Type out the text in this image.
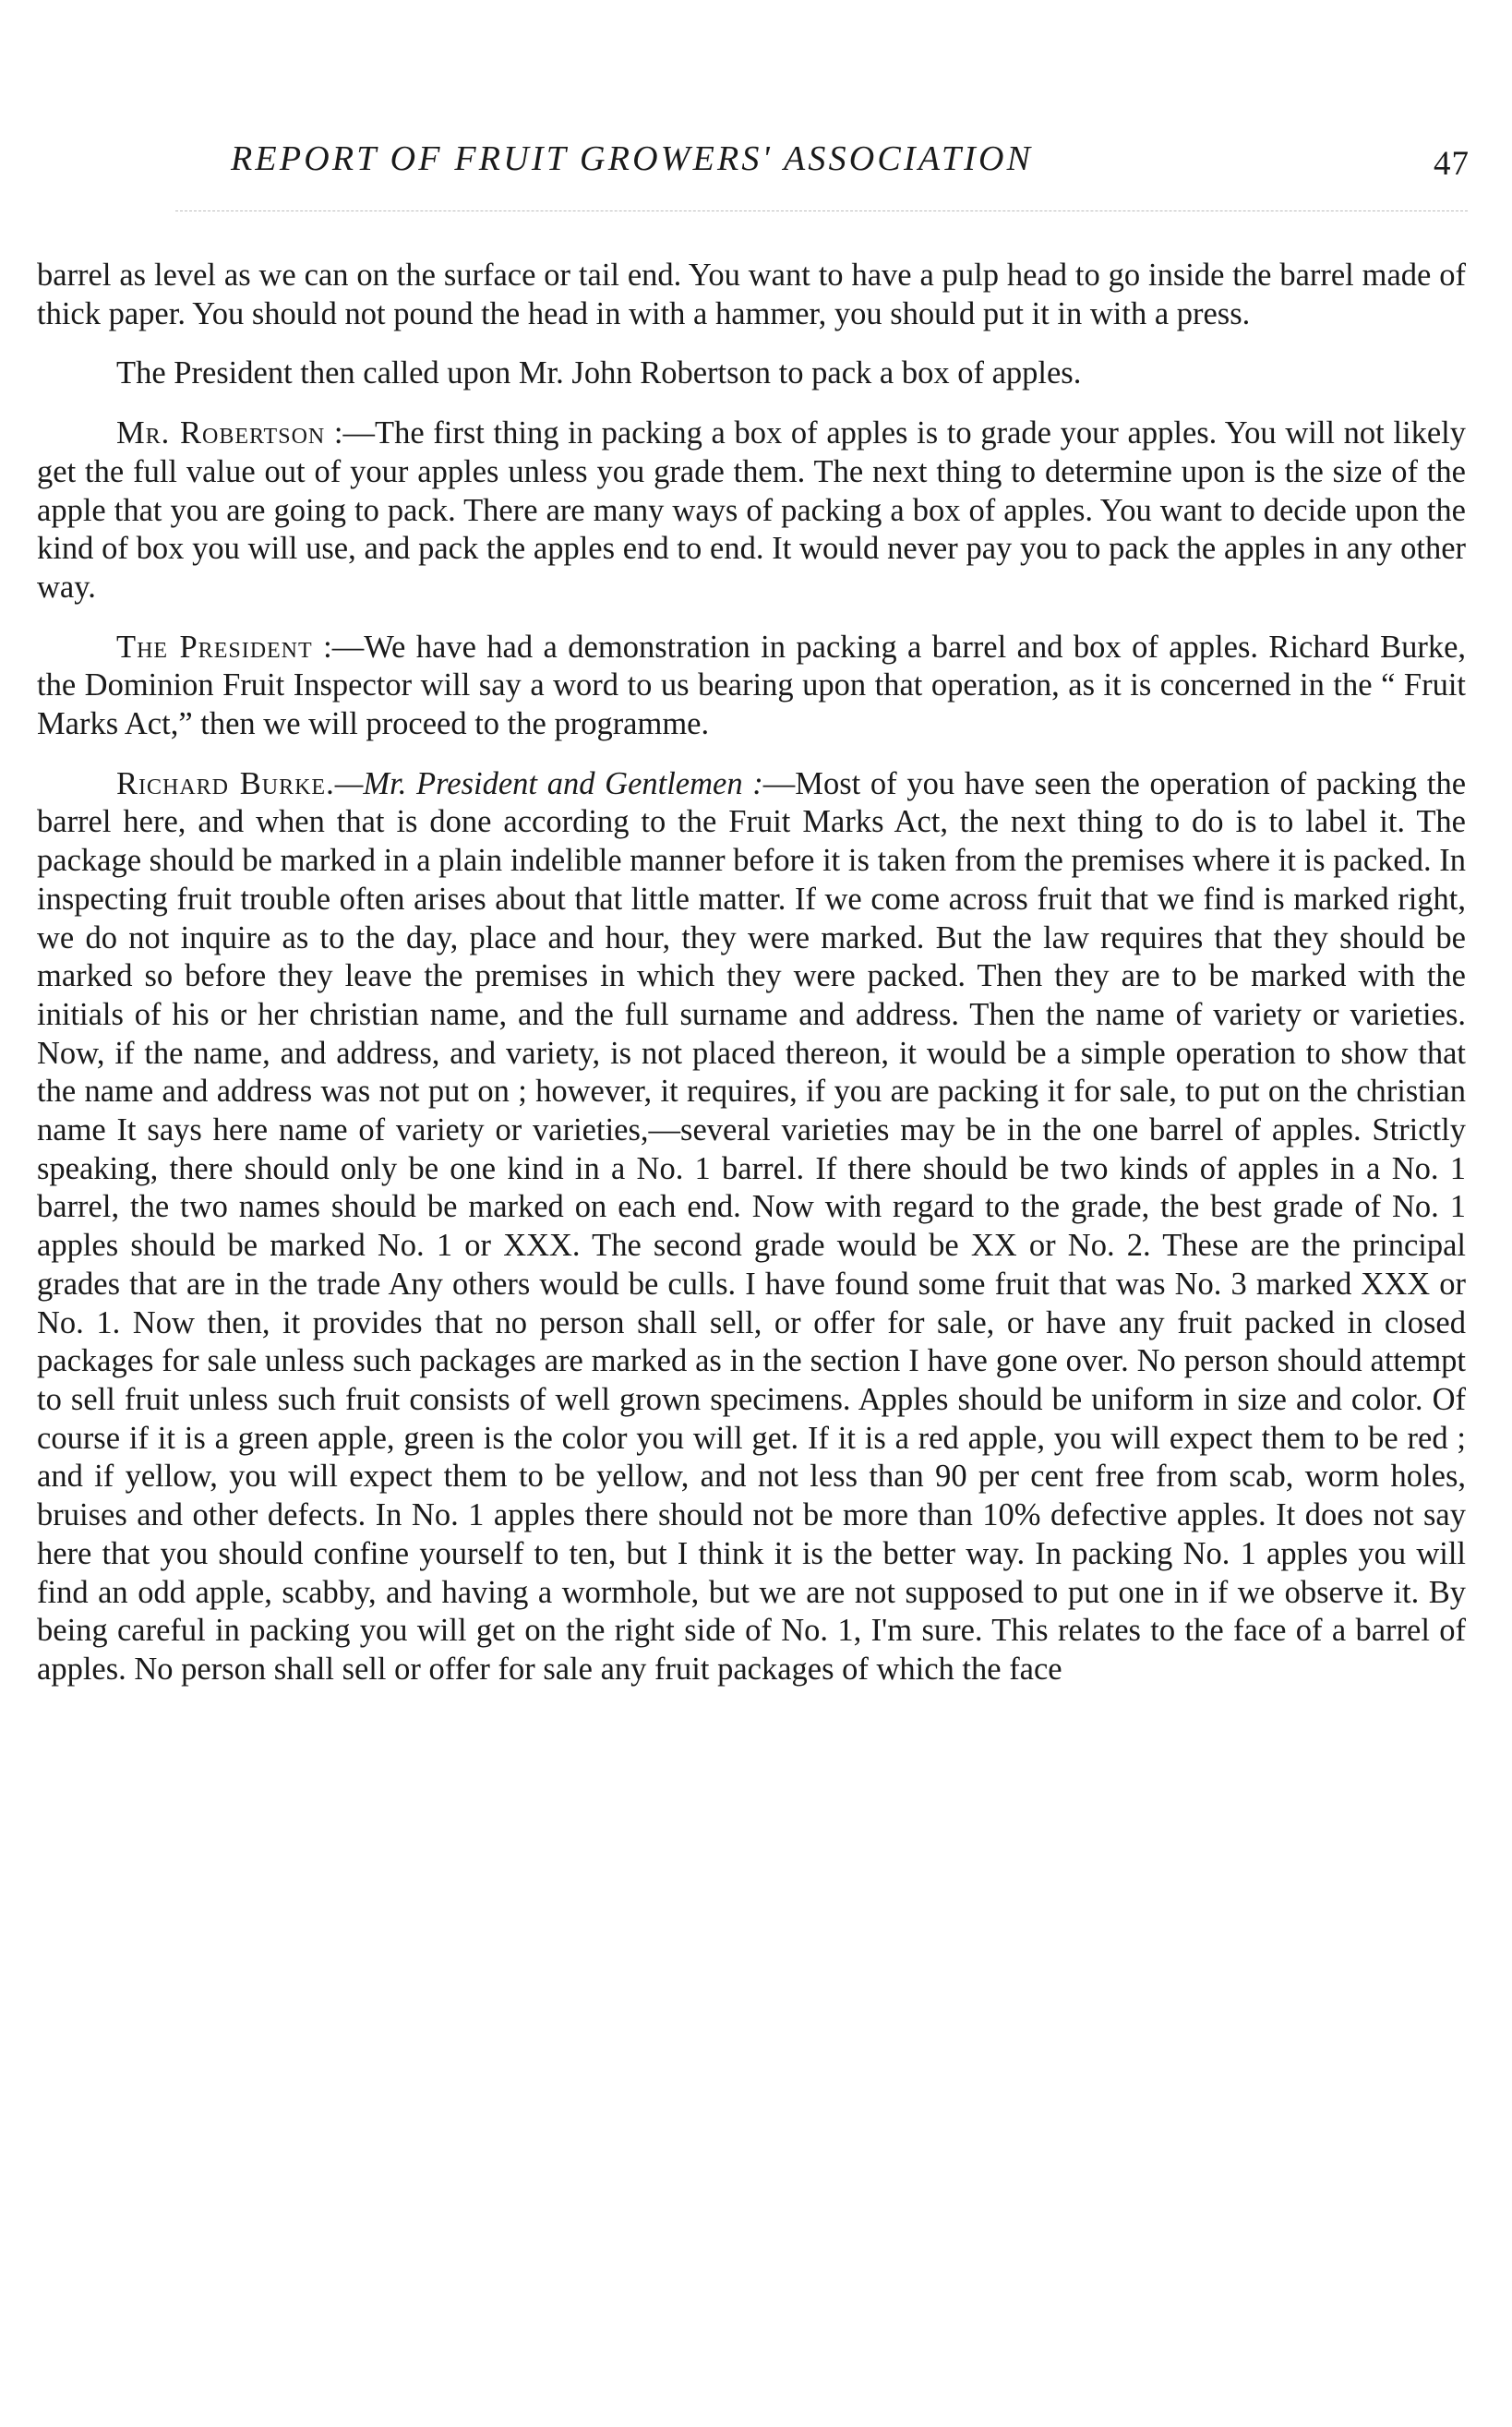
REPORT OF FRUIT GROWERS' ASSOCIATION	47

barrel as level as we can on the surface or tail end. You want to have a pulp head to go inside the barrel made of thick paper. You should not pound the head in with a hammer, you should put it in with a press.

The President then called upon Mr. John Robertson to pack a box of apples.

Mr. Robertson :—The first thing in packing a box of apples is to grade your apples. You will not likely get the full value out of your apples unless you grade them. The next thing to determine upon is the size of the apple that you are going to pack. There are many ways of packing a box of apples. You want to decide upon the kind of box you will use, and pack the apples end to end. It would never pay you to pack the apples in any other way.

The President :—We have had a demonstration in packing a barrel and box of apples. Richard Burke, the Dominion Fruit Inspector will say a word to us bearing upon that operation, as it is concerned in the “ Fruit Marks Act,” then we will proceed to the programme.

Richard Burke.—Mr. President and Gentlemen :—Most of you have seen the operation of packing the barrel here, and when that is done according to the Fruit Marks Act, the next thing to do is to label it. The package should be marked in a plain indelible manner before it is taken from the premises where it is packed. In inspecting fruit trouble often arises about that little matter. If we come across fruit that we find is marked right, we do not inquire as to the day, place and hour, they were marked. But the law requires that they should be marked so before they leave the premises in which they were packed. Then they are to be marked with the initials of his or her christian name, and the full surname and address. Then the name of variety or varieties. Now, if the name, and address, and variety, is not placed thereon, it would be a simple operation to show that the name and address was not put on ; however, it requires, if you are packing it for sale, to put on the christian name It says here name of variety or varieties,—several varieties may be in the one barrel of apples. Strictly speaking, there should only be one kind in a No. 1 barrel. If there should be two kinds of apples in a No. 1 barrel, the two names should be marked on each end. Now with regard to the grade, the best grade of No. 1 apples should be marked No. 1 or XXX. The second grade would be XX or No. 2. These are the principal grades that are in the trade Any others would be culls. I have found some fruit that was No. 3 marked XXX or No. 1. Now then, it provides that no person shall sell, or offer for sale, or have any fruit packed in closed packages for sale unless such packages are marked as in the section I have gone over. No person should attempt to sell fruit unless such fruit consists of well grown specimens. Apples should be uniform in size and color. Of course if it is a green apple, green is the color you will get. If it is a red apple, you will expect them to be red ; and if yellow, you will expect them to be yellow, and not less than 90 per cent free from scab, worm holes, bruises and other defects. In No. 1 apples there should not be more than 10% defective apples. It does not say here that you should confine yourself to ten, but I think it is the better way. In packing No. 1 apples you will find an odd apple, scabby, and having a wormhole, but we are not supposed to put one in if we observe it. By being careful in packing you will get on the right side of No. 1, I'm sure. This relates to the face of a barrel of apples. No person shall sell or offer for sale any fruit packages of which the face
